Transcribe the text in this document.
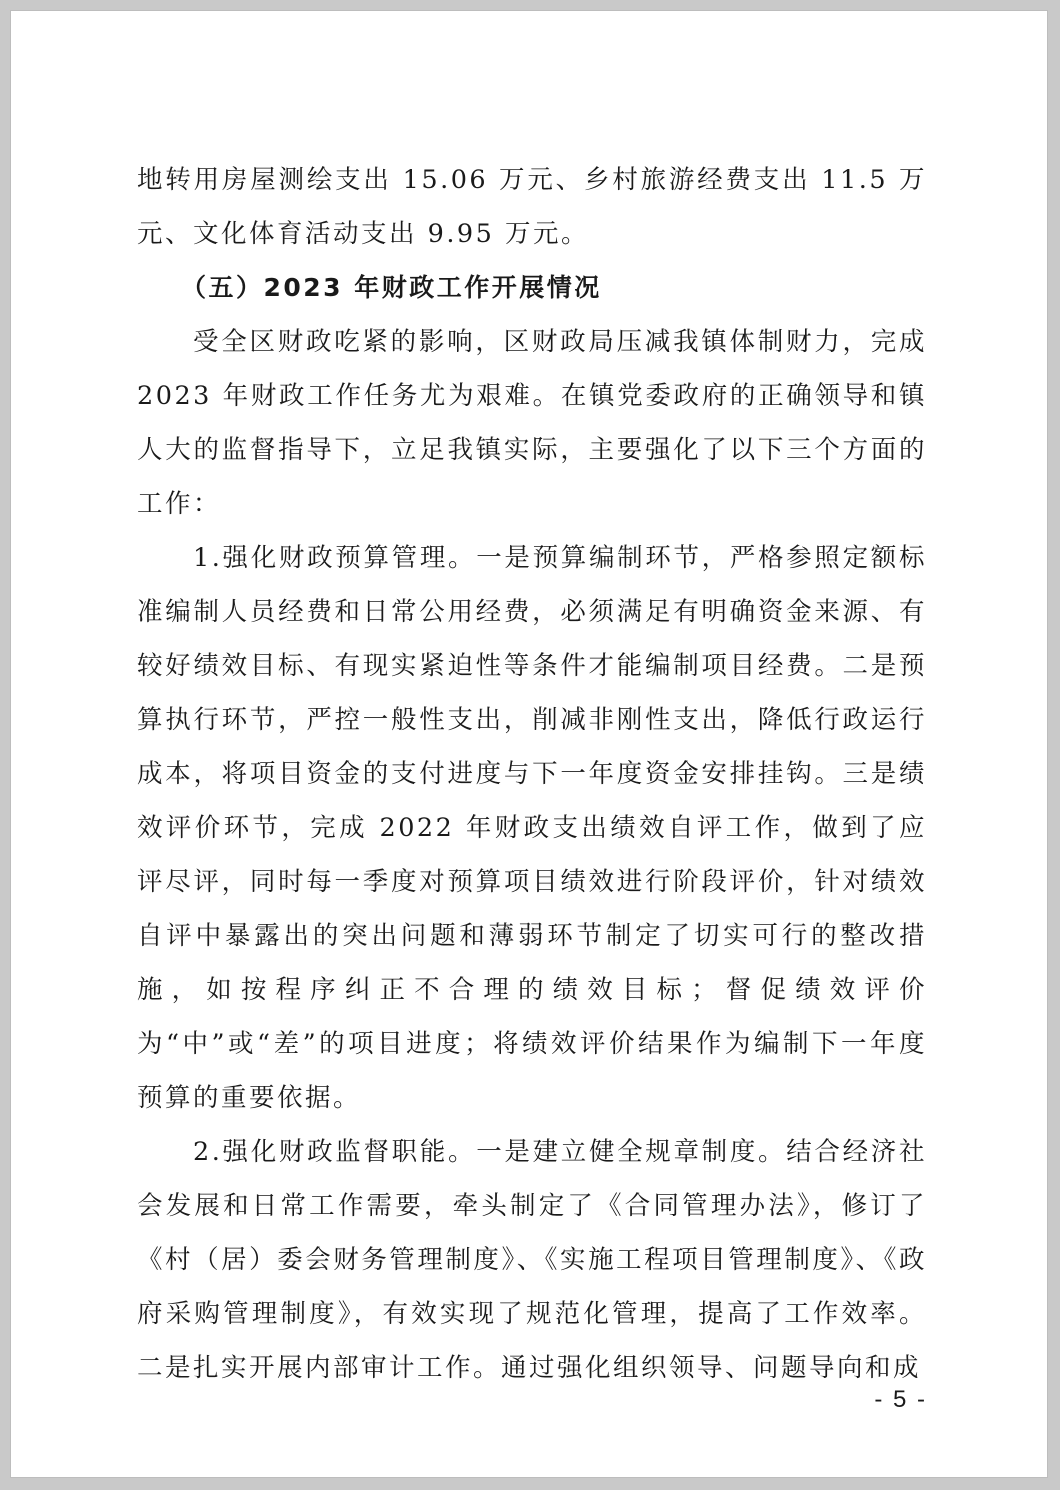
地转用房屋测绘支出 15.06 万元、乡村旅游经费支出 11.5 万元、文化体育活动支出 9.95 万元。

（五）2023 年财政工作开展情况

受全区财政吃紧的影响，区财政局压减我镇体制财力，完成 2023 年财政工作任务尤为艰难。在镇党委政府的正确领导和镇人大的监督指导下，立足我镇实际，主要强化了以下三个方面的工作：

1.强化财政预算管理。一是预算编制环节，严格参照定额标准编制人员经费和日常公用经费，必须满足有明确资金来源、有较好绩效目标、有现实紧迫性等条件才能编制项目经费。二是预算执行环节，严控一般性支出，削减非刚性支出，降低行政运行成本，将项目资金的支付进度与下一年度资金安排挂钩。三是绩效评价环节，完成 2022 年财政支出绩效自评工作，做到了应评尽评，同时每一季度对预算项目绩效进行阶段评价，针对绩效自评中暴露出的突出问题和薄弱环节制定了切实可行的整改措施，如按程序纠正不合理的绩效目标；督促绩效评价为“中”或“差”的项目进度；将绩效评价结果作为编制下一年度预算的重要依据。

2.强化财政监督职能。一是建立健全规章制度。结合经济社会发展和日常工作需要，牵头制定了《合同管理办法》，修订了《村（居）委会财务管理制度》、《实施工程项目管理制度》、《政府采购管理制度》，有效实现了规范化管理，提高了工作效率。二是扎实开展内部审计工作。通过强化组织领导、问题导向和成

- 5 -
